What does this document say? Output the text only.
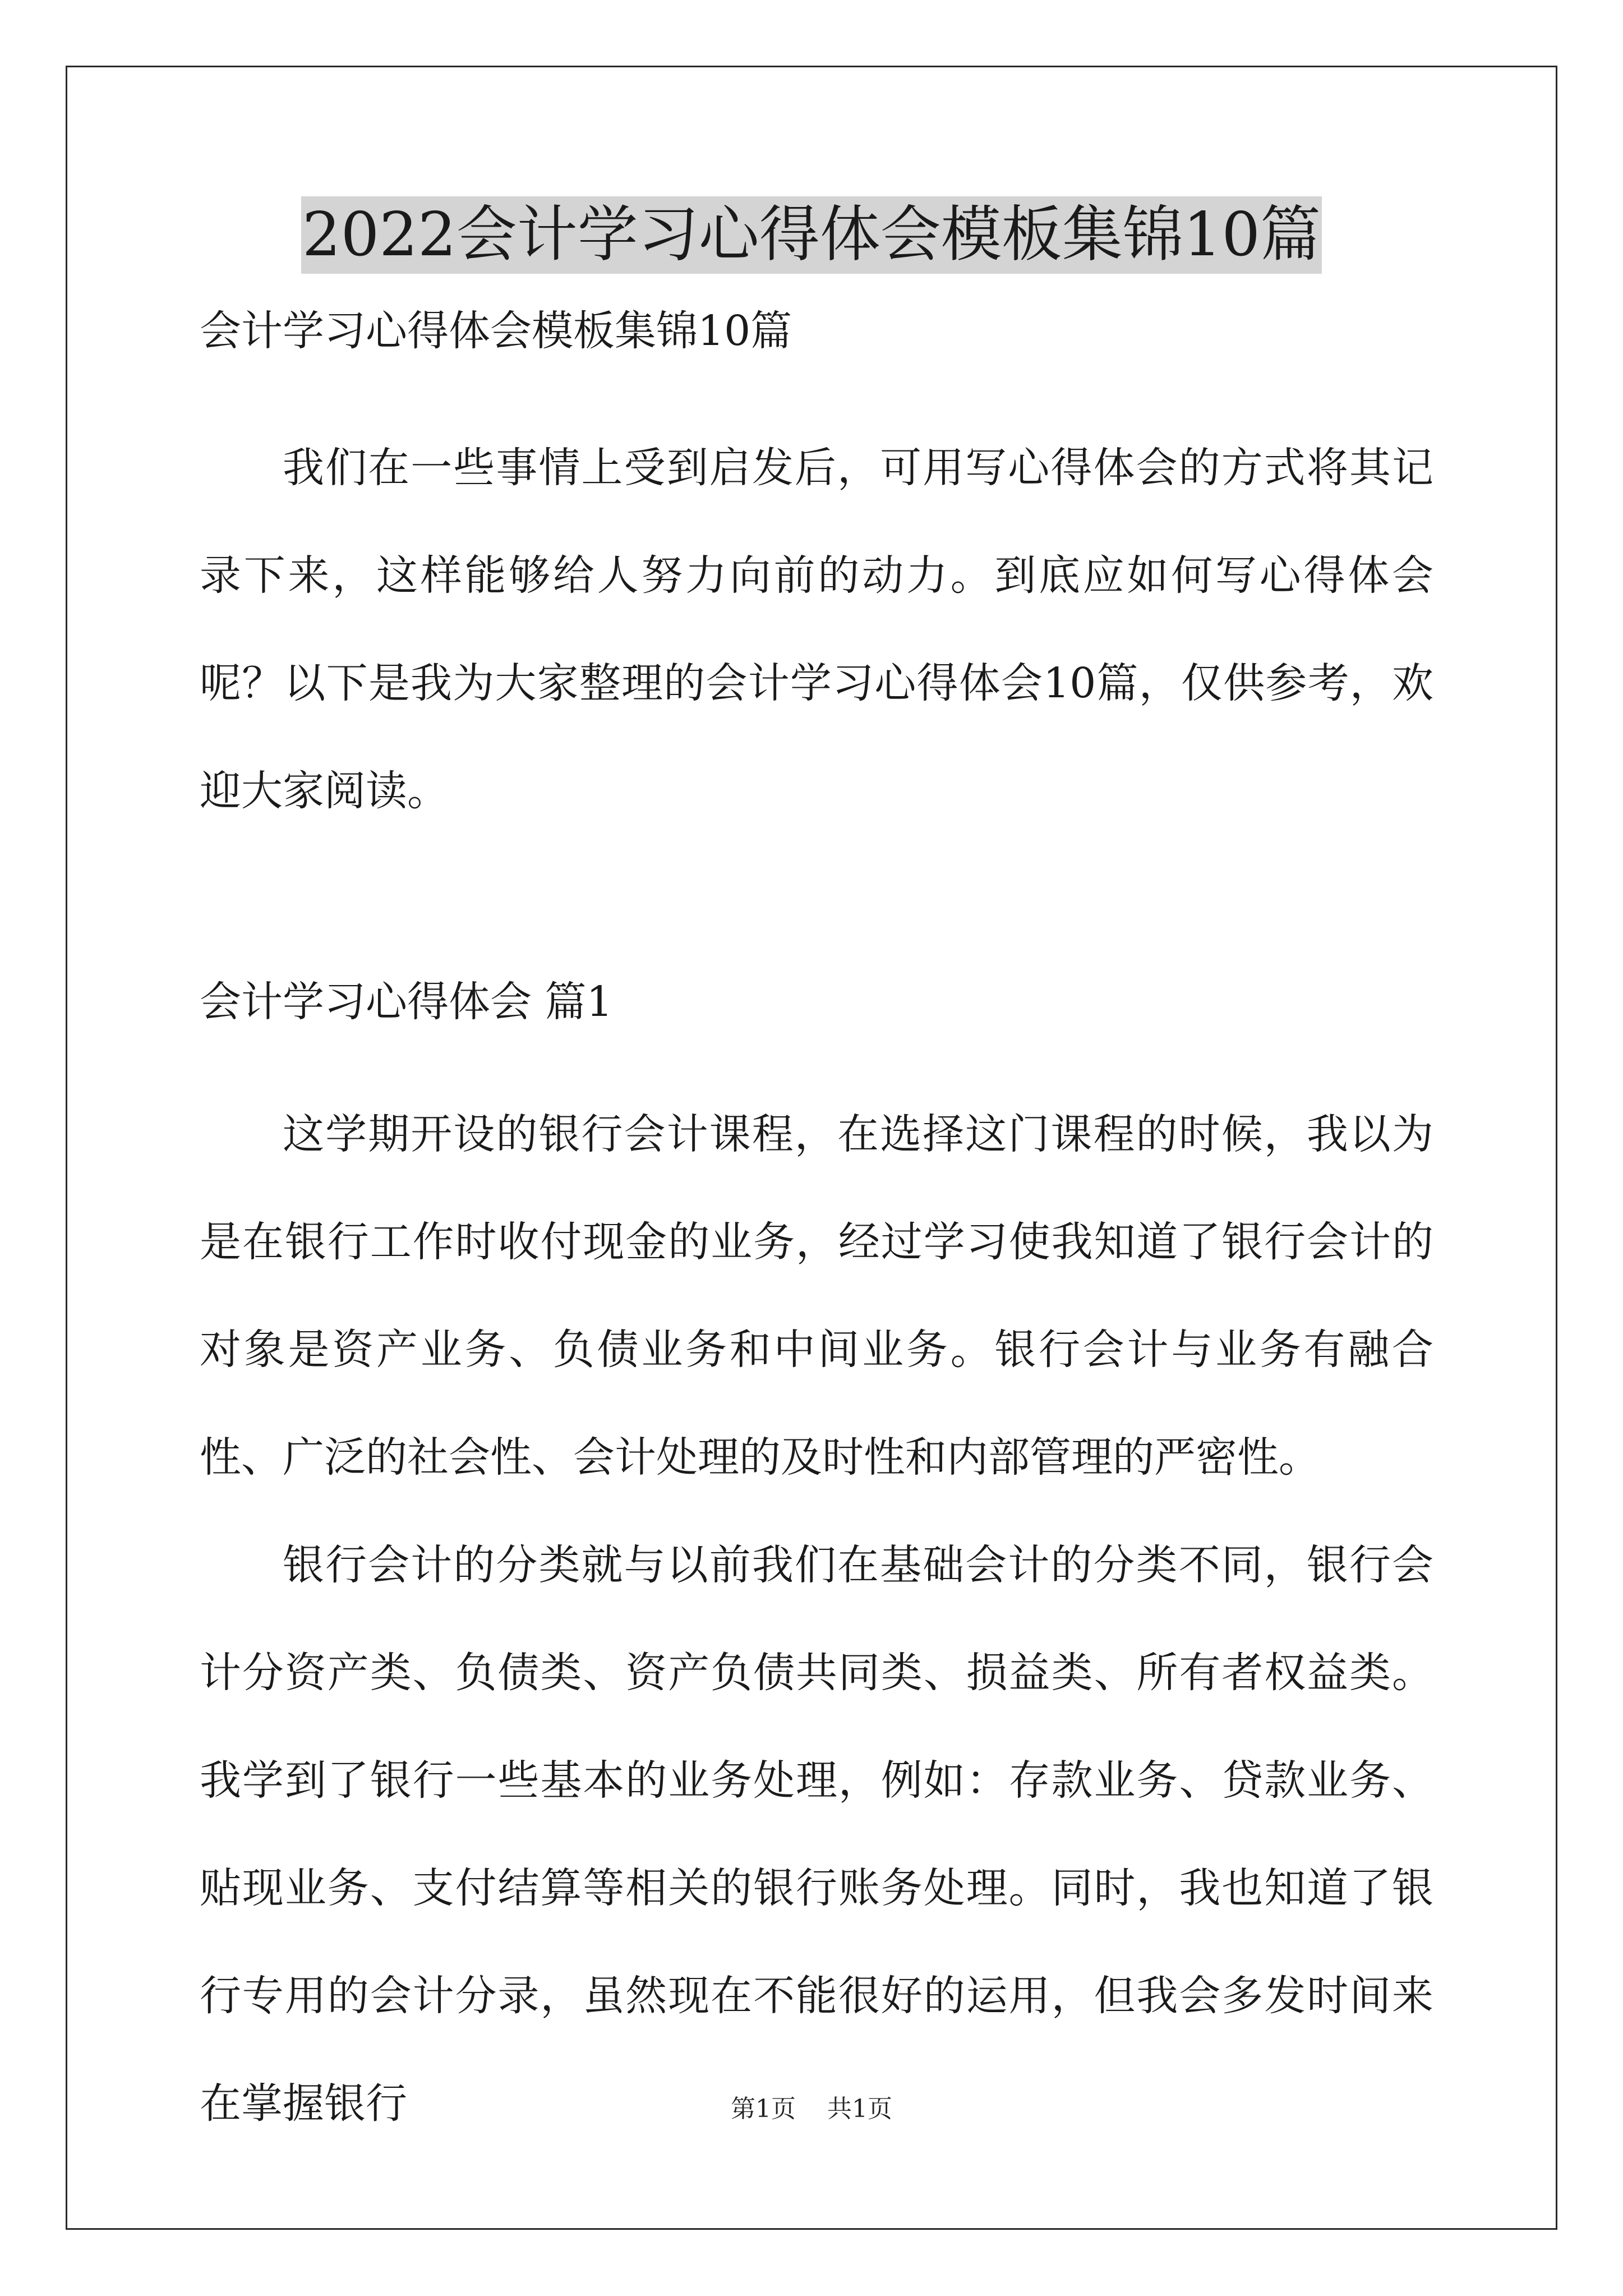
2022会计学习心得体会模板集锦10篇
会计学习心得体会模板集锦10篇

我们在一些事情上受到启发后，可用写心得体会的方式将其记录下来，这样能够给人努力向前的动力。到底应如何写心得体会呢？以下是我为大家整理的会计学习心得体会10篇，仅供参考，欢迎大家阅读。

会计学习心得体会 篇1

这学期开设的银行会计课程，在选择这门课程的时候，我以为是在银行工作时收付现金的业务，经过学习使我知道了银行会计的对象是资产业务、负债业务和中间业务。银行会计与业务有融合性、广泛的社会性、会计处理的及时性和内部管理的严密性。

银行会计的分类就与以前我们在基础会计的分类不同，银行会计分资产类、负债类、资产负债共同类、损益类、所有者权益类。我学到了银行一些基本的业务处理，例如：存款业务、贷款业务、贴现业务、支付结算等相关的银行账务处理。同时，我也知道了银行专用的会计分录，虽然现在不能很好的运用，但我会多发时间来在掌握银行	第1页 共1页
